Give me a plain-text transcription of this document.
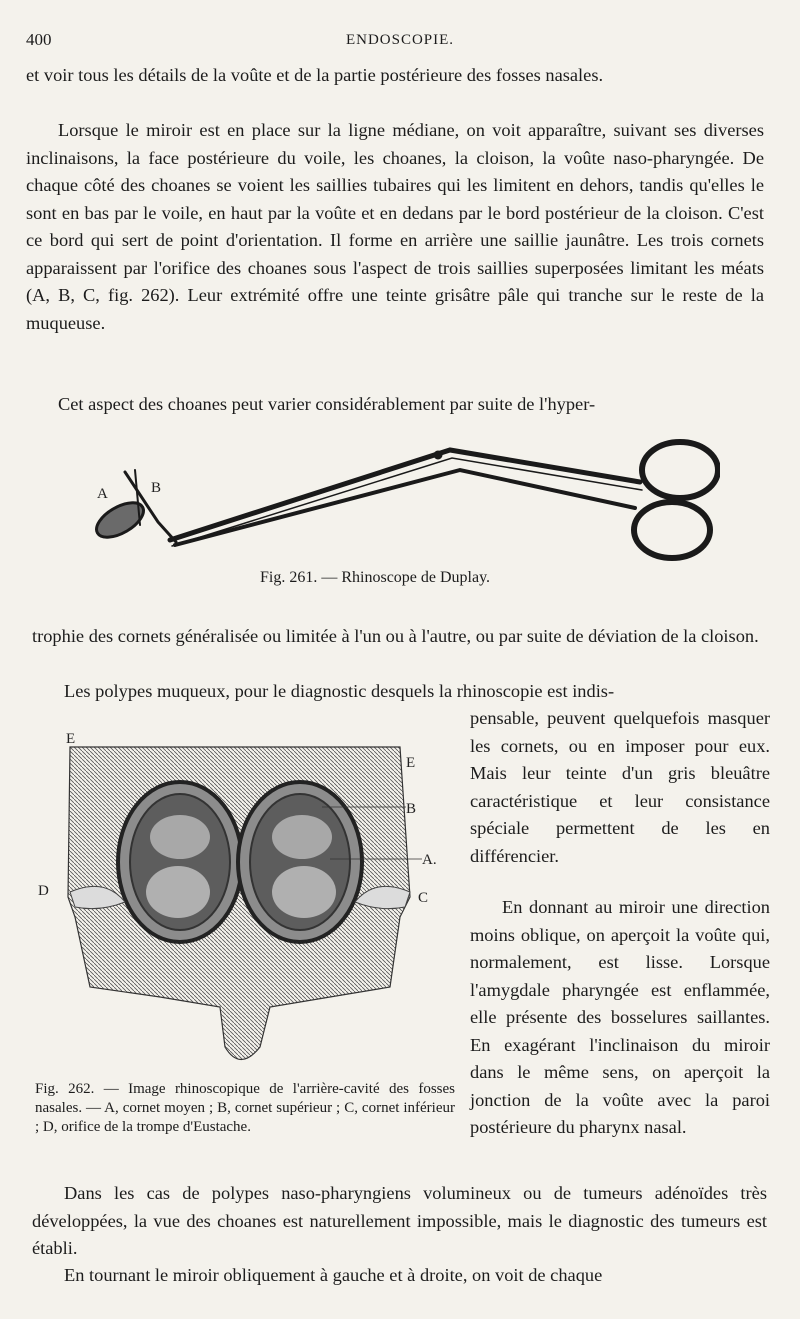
400	ENDOSCOPIE.

et voir tous les détails de la voûte et de la partie postérieure des fosses nasales.

Lorsque le miroir est en place sur la ligne médiane, on voit apparaître, suivant ses diverses inclinaisons, la face postérieure du voile, les choanes, la cloison, la voûte naso-pharyngée. De chaque côté des choanes se voient les saillies tubaires qui les limitent en dehors, tandis qu'elles le sont en bas par le voile, en haut par la voûte et en dedans par le bord postérieur de la cloison. C'est ce bord qui sert de point d'orientation. Il forme en arrière une saillie jaunâtre. Les trois cornets apparaissent par l'orifice des choanes sous l'aspect de trois saillies superposées limitant les méats (A, B, C, fig. 262). Leur extrémité offre une teinte grisâtre pâle qui tranche sur le reste de la muqueuse.

Cet aspect des choanes peut varier considérablement par suite de l'hyper-

A	B

Fig. 261. — Rhinoscope de Duplay.

trophie des cornets généralisée ou limitée à l'un ou à l'autre, ou par suite de déviation de la cloison.

Les polypes muqueux, pour le diagnostic desquels la rhinoscopie est indis-

pensable, peuvent quelquefois masquer les cornets, ou en imposer pour eux. Mais leur teinte d'un gris bleuâtre caractéristique et leur consistance spéciale permettent de les en différencier.

En donnant au miroir une direction moins oblique, on aperçoit la voûte qui, normalement, est lisse. Lorsque l'amygdale pharyngée est enflammée, elle présente des bosselures saillantes. En exagérant l'inclinaison du miroir dans le même sens, on aperçoit la jonction de la voûte avec la paroi postérieure du pharynx nasal.

E
E
B
A.
D	C

Fig. 262. — Image rhinoscopique de l'arrière-cavité des fosses nasales. — A, cornet moyen ; B, cornet supérieur ; C, cornet inférieur ; D, orifice de la trompe d'Eustache.

Dans les cas de polypes naso-pharyngiens volumineux ou de tumeurs adénoïdes très développées, la vue des choanes est naturellement impossible, mais le diagnostic des tumeurs est établi.

En tournant le miroir obliquement à gauche et à droite, on voit de chaque
